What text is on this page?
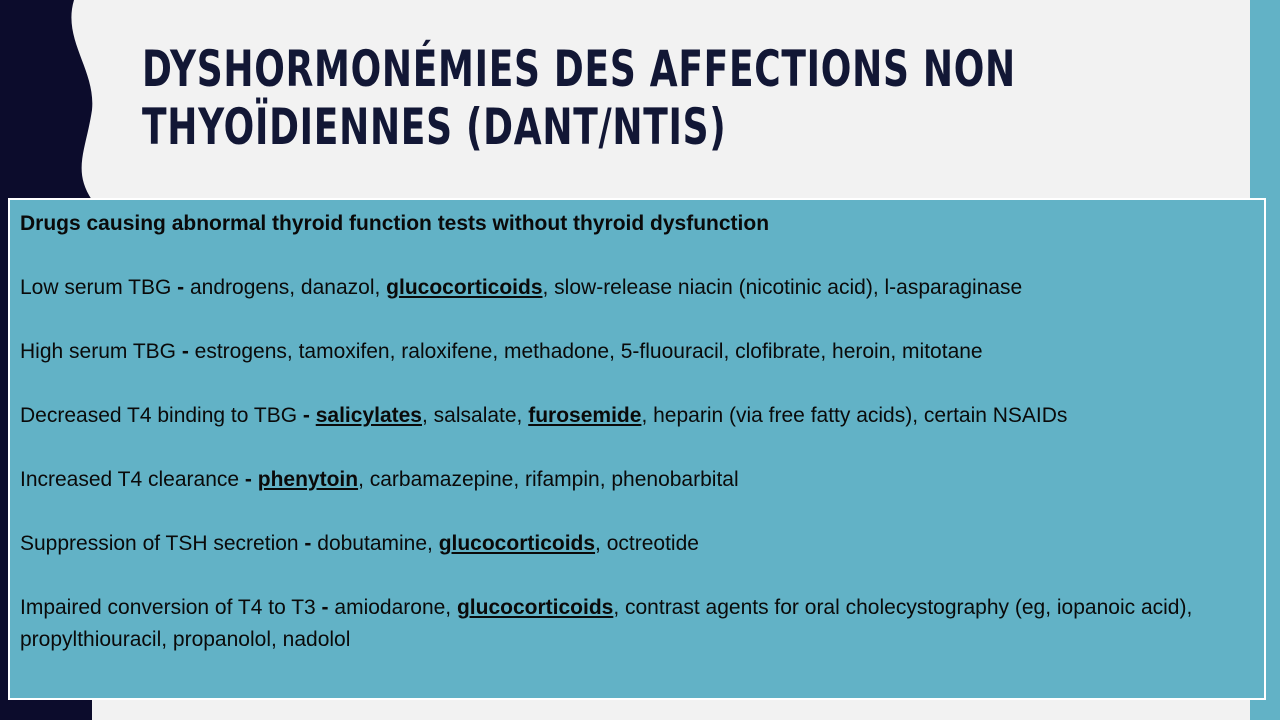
DYSHORMONÉMIES DES AFFECTIONS NON
THYOÏDIENNES (DANT/NTIS)

Drugs causing abnormal thyroid function tests without thyroid dysfunction

Low serum TBG - androgens, danazol, glucocorticoids, slow-release niacin (nicotinic acid), l-asparaginase

High serum TBG - estrogens, tamoxifen, raloxifene, methadone, 5-fluouracil, clofibrate, heroin, mitotane

Decreased T4 binding to TBG - salicylates, salsalate, furosemide, heparin (via free fatty acids), certain NSAIDs

Increased T4 clearance - phenytoin, carbamazepine, rifampin, phenobarbital

Suppression of TSH secretion - dobutamine, glucocorticoids, octreotide

Impaired conversion of T4 to T3 - amiodarone, glucocorticoids, contrast agents for oral cholecystography (eg, iopanoic acid), propylthiouracil, propanolol, nadolol
